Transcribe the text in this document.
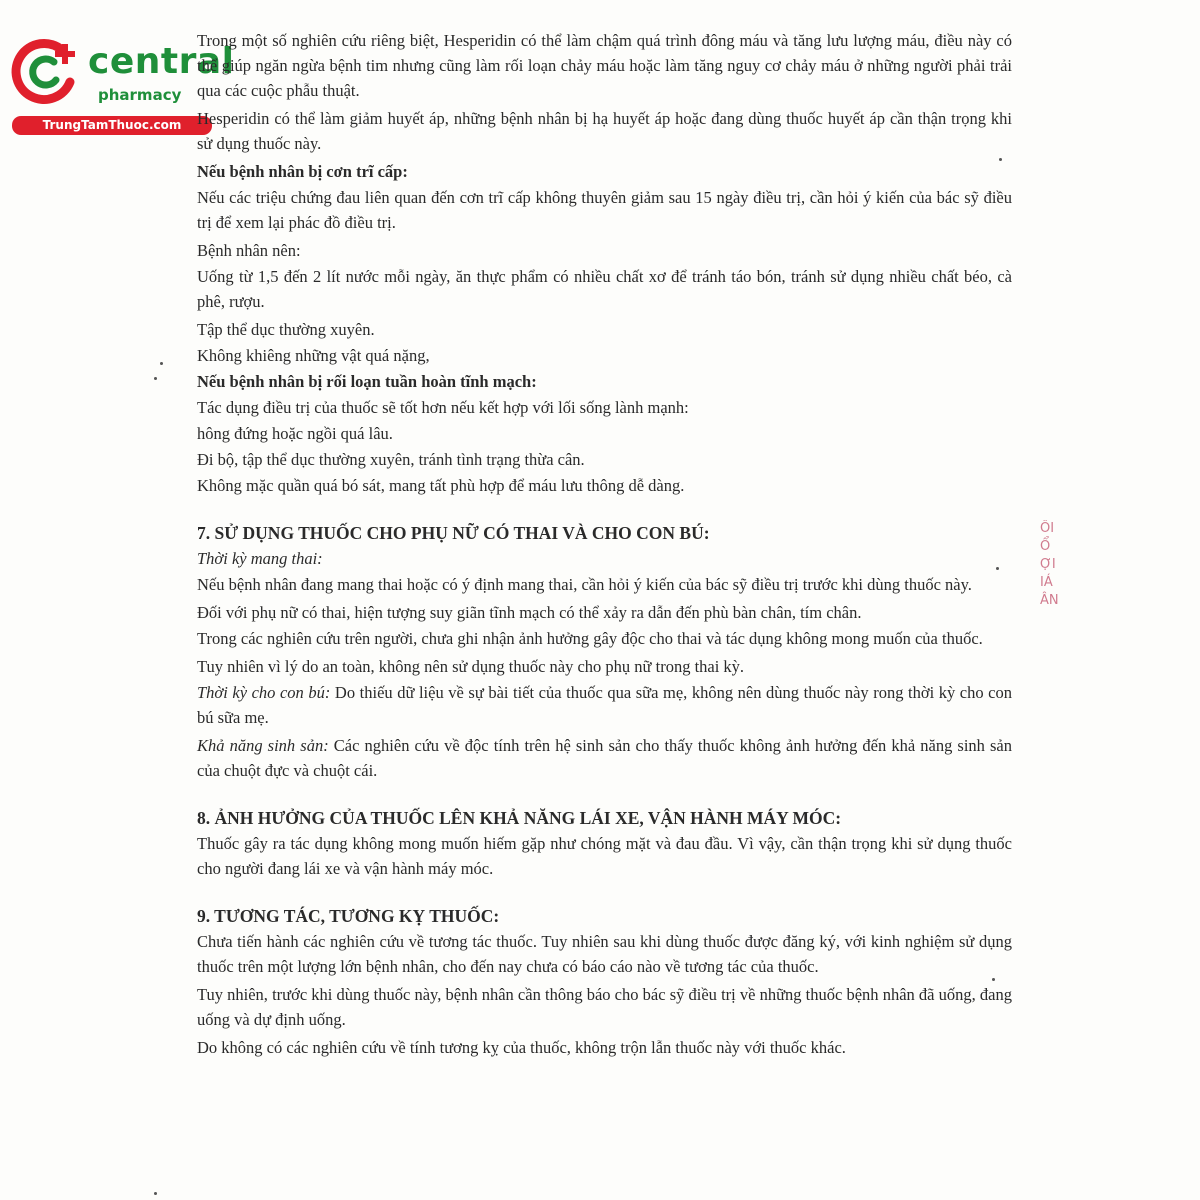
central
pharmacy
TrungTamThuoc.com

Trong một số nghiên cứu riêng biệt, Hesperidin có thể làm chậm quá trình đông máu và tăng lưu lượng máu, điều này có thể giúp ngăn ngừa bệnh tim nhưng cũng làm rối loạn chảy máu hoặc làm tăng nguy cơ chảy máu ở những người phải trải qua các cuộc phẫu thuật.

Hesperidin có thể làm giảm huyết áp, những bệnh nhân bị hạ huyết áp hoặc đang dùng thuốc huyết áp cần thận trọng khi sử dụng thuốc này.

Nếu bệnh nhân bị cơn trĩ cấp:

Nếu các triệu chứng đau liên quan đến cơn trĩ cấp không thuyên giảm sau 15 ngày điều trị, cần hỏi ý kiến của bác sỹ điều trị để xem lại phác đồ điều trị.

Bệnh nhân nên:

Uống từ 1,5 đến 2 lít nước mỗi ngày, ăn thực phẩm có nhiều chất xơ để tránh táo bón, tránh sử dụng nhiều chất béo, cà phê, rượu.

Tập thể dục thường xuyên.

Không khiêng những vật quá nặng,

Nếu bệnh nhân bị rối loạn tuần hoàn tĩnh mạch:

Tác dụng điều trị của thuốc sẽ tốt hơn nếu kết hợp với lối sống lành mạnh:

hông đứng hoặc ngồi quá lâu.

Đi bộ, tập thể dục thường xuyên, tránh tình trạng thừa cân.

Không mặc quần quá bó sát, mang tất phù hợp để máu lưu thông dễ dàng.

7. SỬ DỤNG THUỐC CHO PHỤ NỮ CÓ THAI VÀ CHO CON BÚ:

Thời kỳ mang thai:

Nếu bệnh nhân đang mang thai hoặc có ý định mang thai, cần hỏi ý kiến của bác sỹ điều trị trước khi dùng thuốc này.

Đối với phụ nữ có thai, hiện tượng suy giãn tĩnh mạch có thể xảy ra dẫn đến phù bàn chân, tím chân.

Trong các nghiên cứu trên người, chưa ghi nhận ảnh hưởng gây độc cho thai và tác dụng không mong muốn của thuốc.

Tuy nhiên vì lý do an toàn, không nên sử dụng thuốc này cho phụ nữ trong thai kỳ.

Thời kỳ cho con bú: Do thiếu dữ liệu về sự bài tiết của thuốc qua sữa mẹ, không nên dùng thuốc này rong thời kỳ cho con bú sữa mẹ.

Khả năng sinh sản: Các nghiên cứu về độc tính trên hệ sinh sản cho thấy thuốc không ảnh hưởng đến khả năng sinh sản của chuột đực và chuột cái.

8. ẢNH HƯỞNG CỦA THUỐC LÊN KHẢ NĂNG LÁI XE, VẬN HÀNH MÁY MÓC:

Thuốc gây ra tác dụng không mong muốn hiếm gặp như chóng mặt và đau đầu. Vì vậy, cần thận trọng khi sử dụng thuốc cho người đang lái xe và vận hành máy móc.

9. TƯƠNG TÁC, TƯƠNG KỴ THUỐC:

Chưa tiến hành các nghiên cứu về tương tác thuốc. Tuy nhiên sau khi dùng thuốc được đăng ký, với kinh nghiệm sử dụng thuốc trên một lượng lớn bệnh nhân, cho đến nay chưa có báo cáo nào về tương tác của thuốc.

Tuy nhiên, trước khi dùng thuốc này, bệnh nhân cần thông báo cho bác sỹ điều trị về những thuốc bệnh nhân đã uống, đang uống và dự định uống.

Do không có các nghiên cứu về tính tương kỵ của thuốc, không trộn lẫn thuốc này với thuốc khác.

ÔI
Ổ
ỢI
IÁ
ÂN
